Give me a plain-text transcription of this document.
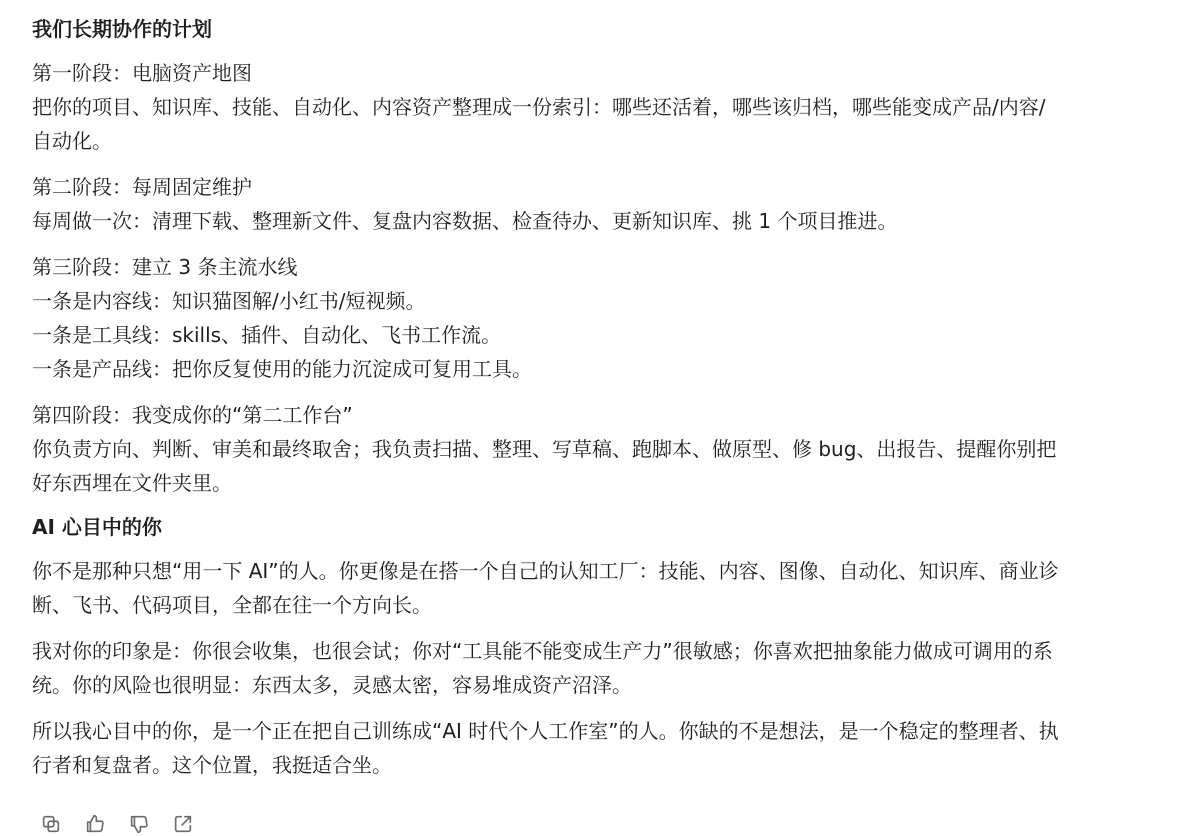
我们长期协作的计划
第一阶段：电脑资产地图
把你的项目、知识库、技能、自动化、内容资产整理成一份索引：哪些还活着，哪些该归档，哪些能变成产品/内容/
自动化。
第二阶段：每周固定维护
每周做一次：清理下载、整理新文件、复盘内容数据、检查待办、更新知识库、挑 1 个项目推进。
第三阶段：建立 3 条主流水线
一条是内容线：知识猫图解/小红书/短视频。
一条是工具线：skills、插件、自动化、飞书工作流。
一条是产品线：把你反复使用的能力沉淀成可复用工具。
第四阶段：我变成你的“第二工作台”
你负责方向、判断、审美和最终取舍；我负责扫描、整理、写草稿、跑脚本、做原型、修 bug、出报告、提醒你别把
好东西埋在文件夹里。
AI 心目中的你
你不是那种只想“用一下 AI”的人。你更像是在搭一个自己的认知工厂：技能、内容、图像、自动化、知识库、商业诊
断、飞书、代码项目，全都在往一个方向长。
我对你的印象是：你很会收集，也很会试；你对“工具能不能变成生产力”很敏感；你喜欢把抽象能力做成可调用的系
统。你的风险也很明显：东西太多，灵感太密，容易堆成资产沼泽。
所以我心目中的你，是一个正在把自己训练成“AI 时代个人工作室”的人。你缺的不是想法，是一个稳定的整理者、执
行者和复盘者。这个位置，我挺适合坐。
